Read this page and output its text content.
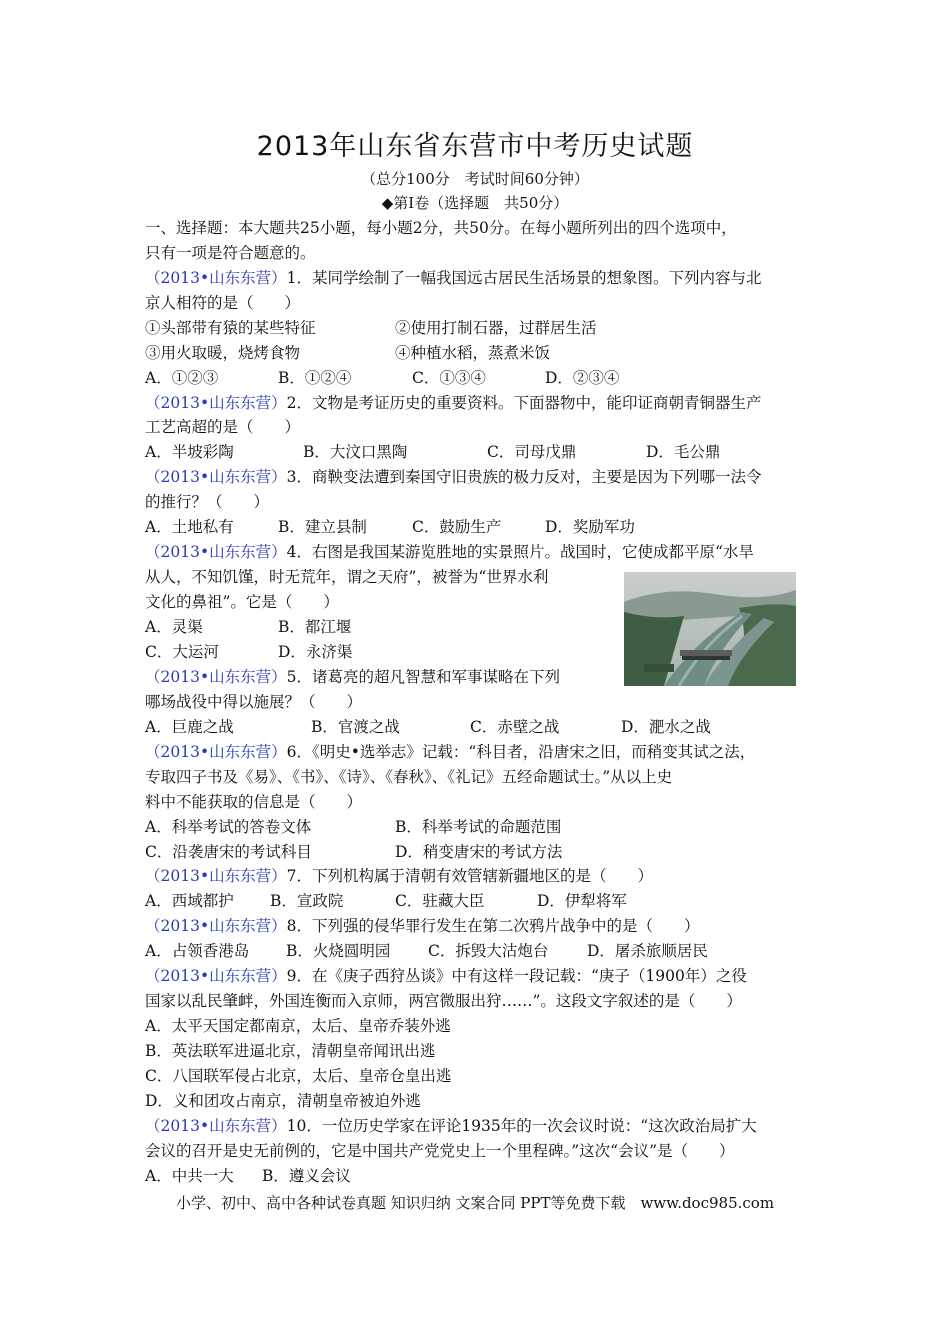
2013年山东省东营市中考历史试题
（总分100分　考试时间60分钟）
◆第Ⅰ卷（选择题　共50分）
一、选择题：本大题共25小题，每小题2分，共50分。在每小题所列出的四个选项中，
只有一项是符合题意的。
（2013•山东东营）1．某同学绘制了一幅我国远古居民生活场景的想象图。下列内容与北
京人相符的是（　　）
①头部带有猿的某些特征	②使用打制石器，过群居生活
③用火取暖，烧烤食物	④种植水稻，蒸煮米饭
A．①②③	B．①②④	C．①③④	D．②③④
（2013•山东东营）2．文物是考证历史的重要资料。下面器物中，能印证商朝青铜器生产
工艺高超的是（　　）
A．半坡彩陶	B．大汶口黑陶	C．司母戊鼎	D．毛公鼎
（2013•山东东营）3．商鞅变法遭到秦国守旧贵族的极力反对，主要是因为下列哪一法令
的推行？（　　）
A．土地私有	B．建立县制	C．鼓励生产	D．奖励军功
（2013•山东东营）4．右图是我国某游览胜地的实景照片。战国时，它使成都平原“水旱
从人，不知饥馑，时无荒年，谓之天府”，被誉为“世界水利
文化的鼻祖”。它是（　　）
A．灵渠	B．都江堰
C．大运河	D．永济渠
（2013•山东东营）5．诸葛亮的超凡智慧和军事谋略在下列
哪场战役中得以施展？（　　）
A．巨鹿之战	B．官渡之战	C．赤壁之战	D．淝水之战
（2013•山东东营）6．《明史•选举志》记载：“科目者，沿唐宋之旧，而稍变其试之法，
专取四子书及《易》、《书》、《诗》、《春秋》、《礼记》五经命题试士。”从以上史
料中不能获取的信息是（　　）
A．科举考试的答卷文体	B．科举考试的命题范围
C．沿袭唐宋的考试科目	D．稍变唐宋的考试方法
（2013•山东东营）7．下列机构属于清朝有效管辖新疆地区的是（　　）
A．西域都护 B．宣政院	C．驻藏大臣	D．伊犁将军
（2013•山东东营）8．下列强的侵华罪行发生在第二次鸦片战争中的是（　　）
A．占领香港岛 B．火烧圆明园 C．拆毁大沽炮台 D．屠杀旅顺居民
（2013•山东东营）9．在《庚子西狩丛谈》中有这样一段记载：“庚子（1900年）之役
国家以乱民肇衅，外国连衡而入京师，两宫微服出狩……”。这段文字叙述的是（　　）
A．太平天国定都南京，太后、皇帝乔装外逃
B．英法联军进逼北京，清朝皇帝闻讯出逃
C．八国联军侵占北京，太后、皇帝仓皇出逃
D．义和团攻占南京，清朝皇帝被迫外逃
（2013•山东东营）10．一位历史学家在评论1935年的一次会议时说：“这次政治局扩大
会议的召开是史无前例的，它是中国共产党党史上一个里程碑。”这次“会议”是（　　）
A．中共一大 B．遵义会议
小学、初中、高中各种试卷真题 知识归纳 文案合同 PPT等免费下载　www.doc985.com
